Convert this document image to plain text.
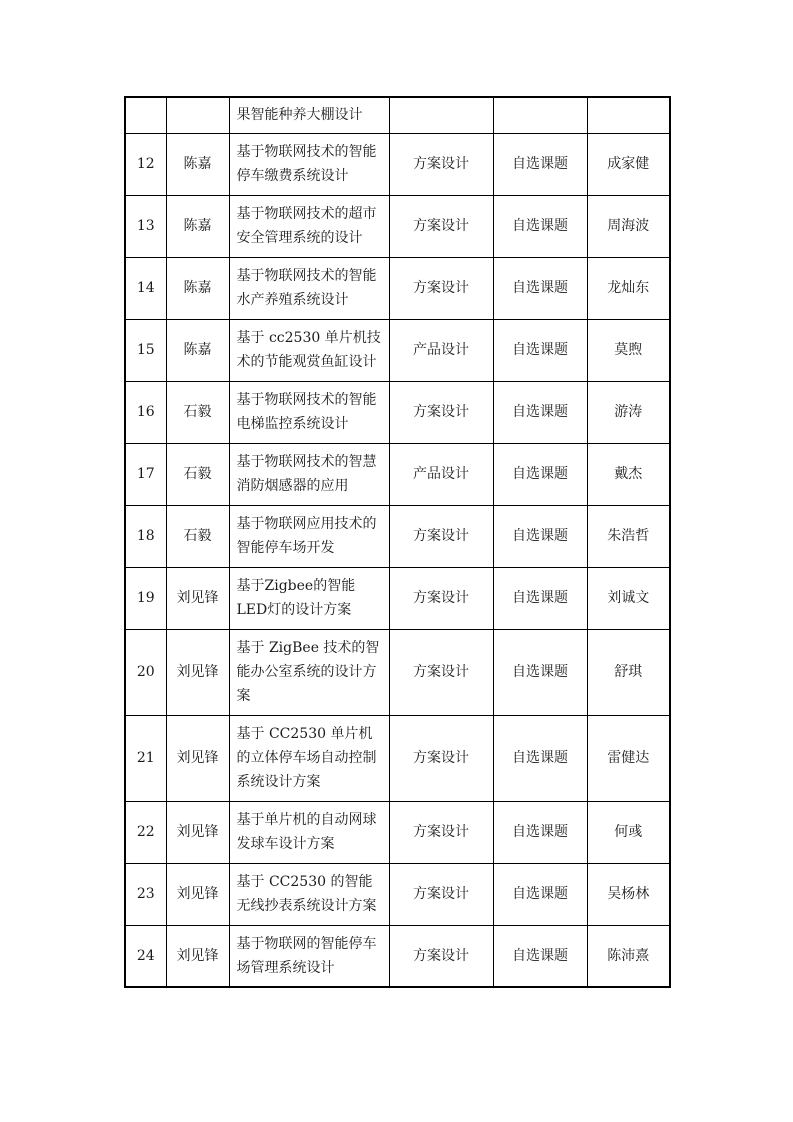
		果智能种养大棚设计			
12	陈嘉	基于物联网技术的智能停车缴费系统设计	方案设计	自选课题	成家健
13	陈嘉	基于物联网技术的超市安全管理系统的设计	方案设计	自选课题	周海波
14	陈嘉	基于物联网技术的智能水产养殖系统设计	方案设计	自选课题	龙灿东
15	陈嘉	基于 cc2530 单片机技术的节能观赏鱼缸设计	产品设计	自选课题	莫煦
16	石毅	基于物联网技术的智能电梯监控系统设计	方案设计	自选课题	游涛
17	石毅	基于物联网技术的智慧消防烟感器的应用	产品设计	自选课题	戴杰
18	石毅	基于物联网应用技术的智能停车场开发	方案设计	自选课题	朱浩哲
19	刘见锋	基于Zigbee的智能LED灯的设计方案	方案设计	自选课题	刘诚文
20	刘见锋	基于 ZigBee 技术的智能办公室系统的设计方案	方案设计	自选课题	舒琪
21	刘见锋	基于 CC2530 单片机的立体停车场自动控制系统设计方案	方案设计	自选课题	雷健达
22	刘见锋	基于单片机的自动网球发球车设计方案	方案设计	自选课题	何彧
23	刘见锋	基于 CC2530 的智能无线抄表系统设计方案	方案设计	自选课题	吴杨林
24	刘见锋	基于物联网的智能停车场管理系统设计	方案设计	自选课题	陈沛熹
